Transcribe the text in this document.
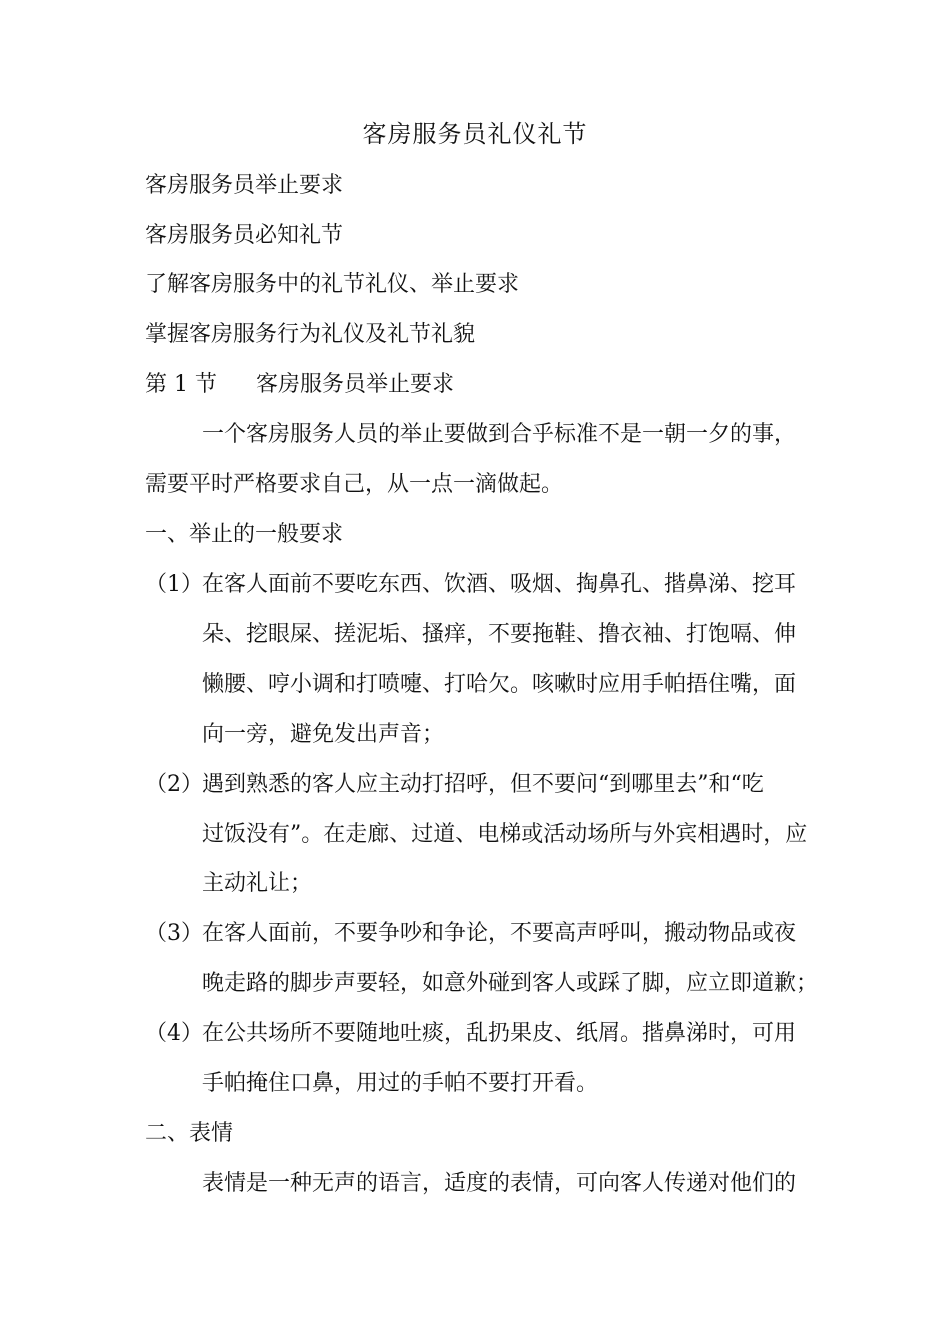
客房服务员礼仪礼节
客房服务员举止要求
客房服务员必知礼节
了解客房服务中的礼节礼仪、举止要求
掌握客房服务行为礼仪及礼节礼貌
第 1 节 客房服务员举止要求
一个客房服务人员的举止要做到合乎标准不是一朝一夕的事，
需要平时严格要求自己，从一点一滴做起。
一、举止的一般要求
（1） 在客人面前不要吃东西、饮酒、吸烟、掏鼻孔、揩鼻涕、挖耳
朵、挖眼屎、搓泥垢、搔痒，不要拖鞋、撸衣袖、打饱嗝、伸
懒腰、哼小调和打喷嚏、打哈欠。咳嗽时应用手帕捂住嘴，面
向一旁，避免发出声音；
（2） 遇到熟悉的客人应主动打招呼，但不要问“到哪里去”和“吃
过饭没有”。在走廊、过道、电梯或活动场所与外宾相遇时，应
主动礼让；
（3） 在客人面前，不要争吵和争论，不要高声呼叫，搬动物品或夜
晚走路的脚步声要轻，如意外碰到客人或踩了脚，应立即道歉；
（4） 在公共场所不要随地吐痰，乱扔果皮、纸屑。揩鼻涕时，可用
手帕掩住口鼻，用过的手帕不要打开看。
二、表情
表情是一种无声的语言，适度的表情，可向客人传递对他们的
